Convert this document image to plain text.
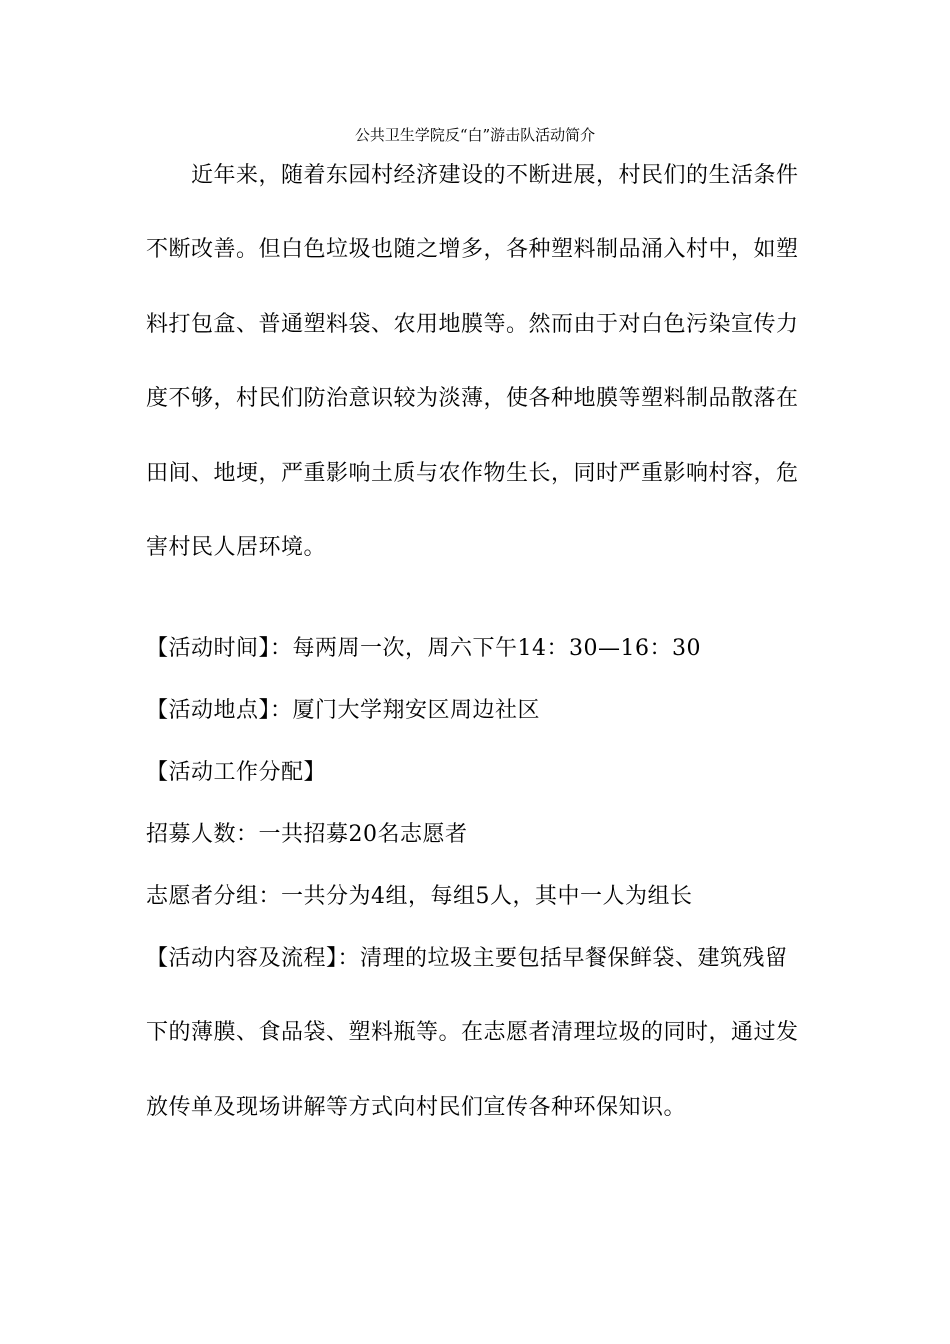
公共卫生学院反“白”游击队活动简介
　　近年来，随着东园村经济建设的不断进展，村民们的生活条件
不断改善。但白色垃圾也随之增多，各种塑料制品涌入村中，如塑
料打包盒、普通塑料袋、农用地膜等。然而由于对白色污染宣传力
度不够，村民们防治意识较为淡薄，使各种地膜等塑料制品散落在
田间、地埂，严重影响土质与农作物生长，同时严重影响村容，危
害村民人居环境。
【活动时间】：每两周一次，周六下午14：30—16：30
【活动地点】：厦门大学翔安区周边社区
【活动工作分配】
招募人数：一共招募20名志愿者
志愿者分组：一共分为4组，每组5人，其中一人为组长
【活动内容及流程】：清理的垃圾主要包括早餐保鲜袋、建筑残留
下的薄膜、食品袋、塑料瓶等。在志愿者清理垃圾的同时，通过发
放传单及现场讲解等方式向村民们宣传各种环保知识。
